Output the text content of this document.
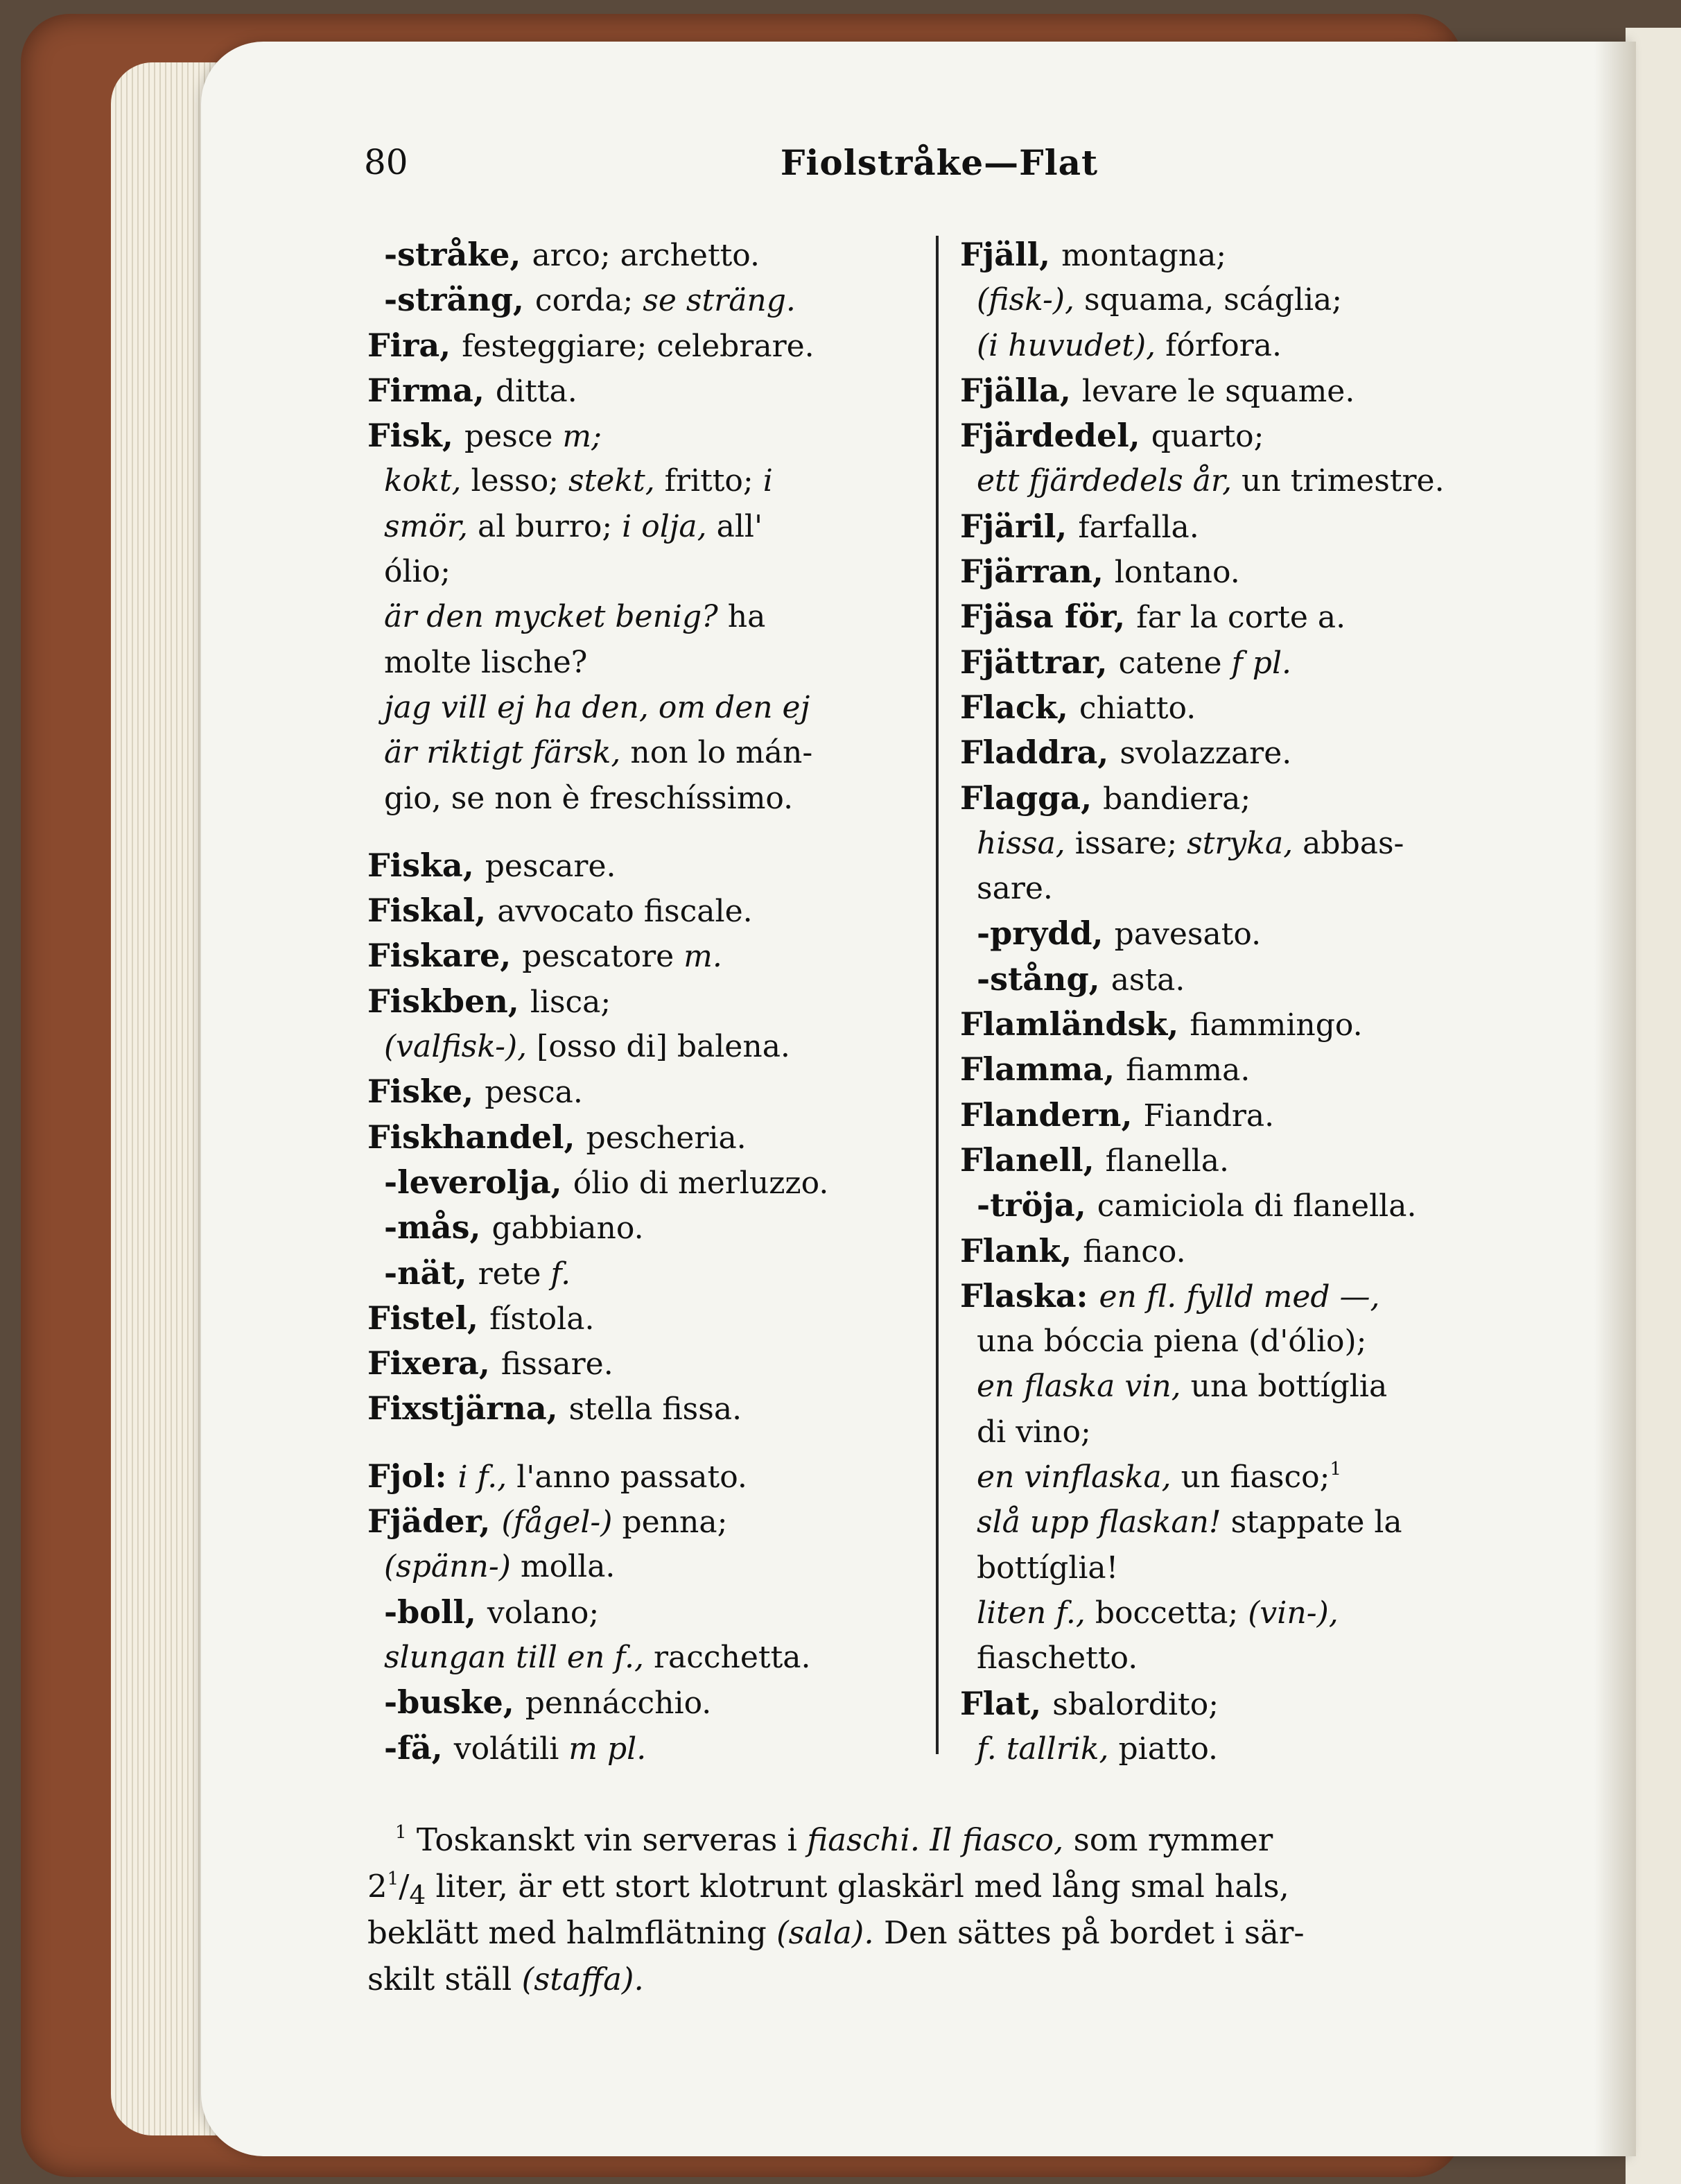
80	Fiolstråke—Flat
-stråke, arco; archetto.
-sträng, corda; se sträng.
Fira, festeggiare; celebrare.
Firma, ditta.
Fisk, pesce m;
kokt, lesso; stekt, fritto; i
smör, al burro; i olja, all'
ólio;
är den mycket benig? ha
molte lische?
jag vill ej ha den, om den ej
är riktigt färsk, non lo mán-
gio, se non è freschíssimo.
Fiska, pescare.
Fiskal, avvocato fiscale.
Fiskare, pescatore m.
Fiskben, lisca;
(valfisk-), [osso di] balena.
Fiske, pesca.
Fiskhandel, pescheria.
-leverolja, ólio di merluzzo.
-mås, gabbiano.
-nät, rete f.
Fistel, fístola.
Fixera, fissare.
Fixstjärna, stella fissa.
Fjol: i f., l'anno passato.
Fjäder, (fågel-) penna;
(spänn-) molla.
-boll, volano;
slungan till en f., racchetta.
-buske, pennácchio.
-fä, volátili m pl.
Fjäll, montagna;
(fisk-), squama, scáglia;
(i huvudet), fórfora.
Fjälla, levare le squame.
Fjärdedel, quarto;
ett fjärdedels år, un trimestre.
Fjäril, farfalla.
Fjärran, lontano.
Fjäsa för, far la corte a.
Fjättrar, catene f pl.
Flack, chiatto.
Fladdra, svolazzare.
Flagga, bandiera;
hissa, issare; stryka, abbas-
sare.
-prydd, pavesato.
-stång, asta.
Flamländsk, fiammingo.
Flamma, fiamma.
Flandern, Fiandra.
Flanell, flanella.
-tröja, camiciola di flanella.
Flank, fianco.
Flaska: en fl. fylld med —,
una bóccia piena (d'ólio);
en flaska vin, una bottíglia
di vino;
en vinflaska, un fiasco;$^1$
slå upp flaskan! stappate la
bottíglia!
liten f., boccetta; (vin-),
fiaschetto.
Flat, sbalordito;
f. tallrik, piatto.
$^1$ Toskanskt vin serveras i fiaschi. Il fiasco, som rymmer
$2^1/_4$ liter, är ett stort klotrunt glaskärl med lång smal hals,
beklätt med halmflätning (sala). Den sättes på bordet i sär-
skilt ställ (staffa).
